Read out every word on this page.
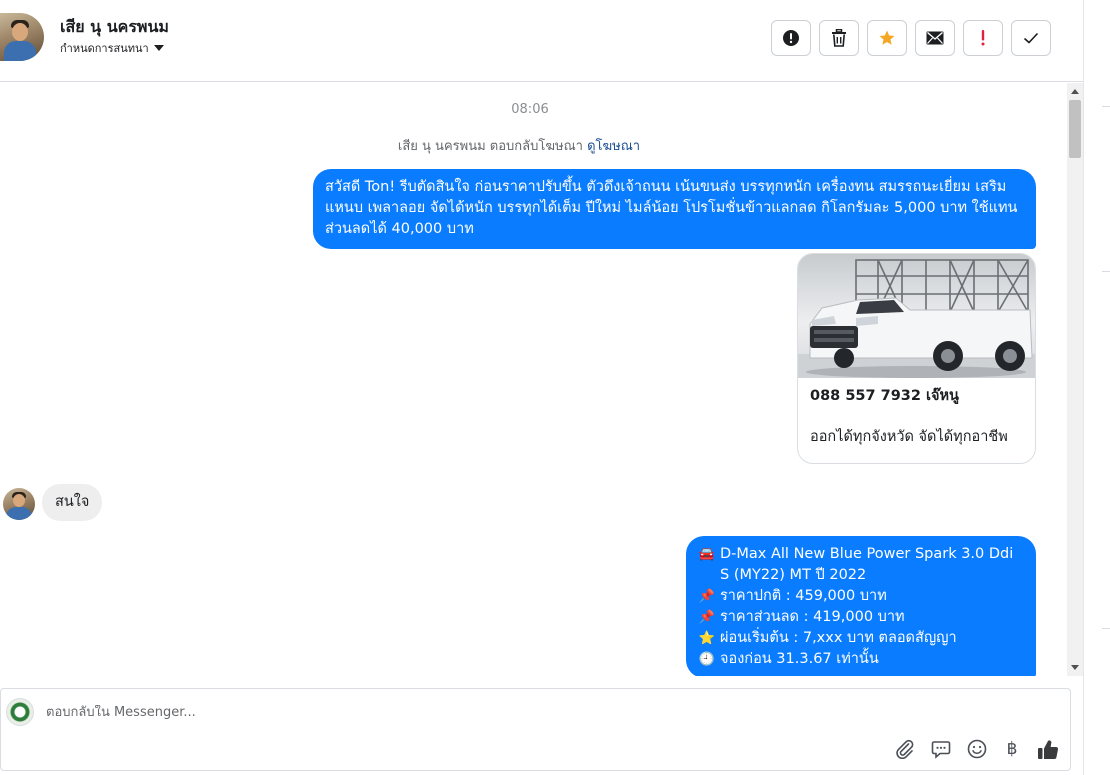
เสีย นุ นครพนม
กำหนดการสนทนา
08:06
เสีย นุ นครพนม ตอบกลับโฆษณา ดูโฆษณา
สวัสดี Ton! รีบตัดสินใจ ก่อนราคาปรับขึ้น ตัวดึงเจ้าถนน เน้นขนส่ง บรรทุกหนัก เครื่องทน สมรรถนะเยี่ยม เสริมแหนบ เพลาลอย จัดได้หนัก บรรทุกได้เต็ม ปีใหม่ ไมล์น้อย โปรโมชั่นข้าวแลกลด กิโลกรัมละ 5,000 บาท ใช้แทนส่วนลดได้ 40,000 บาท
088 557 7932 เจ๊หนู
ออกได้ทุกจังหวัด จัดได้ทุกอาชีพ
สนใจ
🚘 D-Max All New Blue Power Spark 3.0 Ddi S (MY22) MT ปี 2022
📌 ราคาปกติ : 459,000 บาท
📌 ราคาส่วนลด : 419,000 บาท
⭐ ผ่อนเริ่มต้น : 7,xxx บาท ตลอดสัญญา
🕘 จองก่อน 31.3.67 เท่านั้น
ตอบกลับใน Messenger...
฿
